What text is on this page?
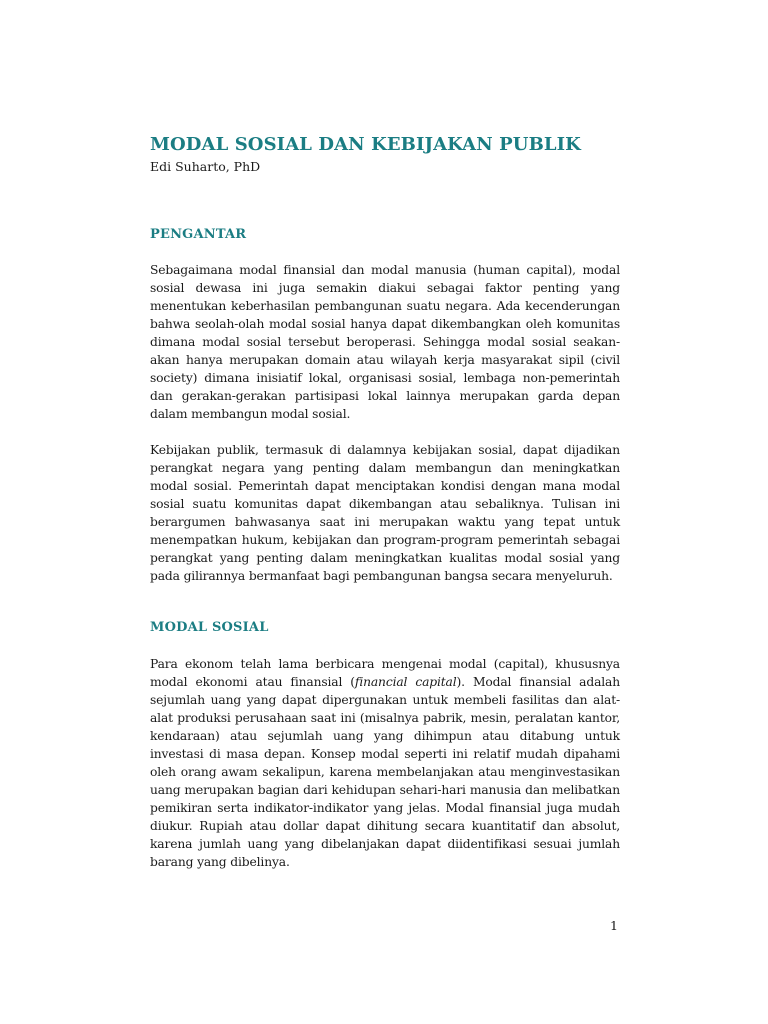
MODAL SOSIAL DAN KEBIJAKAN PUBLIK

Edi Suharto, PhD

PENGANTAR

Sebagaimana modal finansial dan modal manusia (human capital), modal sosial dewasa ini juga semakin diakui sebagai faktor penting yang menentukan keberhasilan pembangunan suatu negara. Ada kecenderungan bahwa seolah-olah modal sosial hanya dapat dikembangkan oleh komunitas dimana modal sosial tersebut beroperasi. Sehingga modal sosial seakan-akan hanya merupakan domain atau wilayah kerja masyarakat sipil (civil society) dimana inisiatif lokal, organisasi sosial, lembaga non-pemerintah dan gerakan-gerakan partisipasi lokal lainnya merupakan garda depan dalam membangun modal sosial.

Kebijakan publik, termasuk di dalamnya kebijakan sosial, dapat dijadikan perangkat negara yang penting dalam membangun dan meningkatkan modal sosial. Pemerintah dapat menciptakan kondisi dengan mana modal sosial suatu komunitas dapat dikembangan atau sebaliknya. Tulisan ini berargumen bahwasanya saat ini merupakan waktu yang tepat untuk menempatkan hukum, kebijakan dan program-program pemerintah sebagai perangkat yang penting dalam meningkatkan kualitas modal sosial yang pada gilirannya bermanfaat bagi pembangunan bangsa secara menyeluruh.

MODAL SOSIAL

Para ekonom telah lama berbicara mengenai modal (capital), khususnya modal ekonomi atau finansial (financial capital). Modal finansial adalah sejumlah uang yang dapat dipergunakan untuk membeli fasilitas dan alat-alat produksi perusahaan saat ini (misalnya pabrik, mesin, peralatan kantor, kendaraan) atau sejumlah uang yang dihimpun atau ditabung untuk investasi di masa depan. Konsep modal seperti ini relatif mudah dipahami oleh orang awam sekalipun, karena membelanjakan atau menginvestasikan uang merupakan bagian dari kehidupan sehari-hari manusia dan melibatkan pemikiran serta indikator-indikator yang jelas. Modal finansial juga mudah diukur. Rupiah atau dollar dapat dihitung secara kuantitatif dan absolut, karena jumlah uang yang dibelanjakan dapat diidentifikasi sesuai jumlah barang yang dibelinya.

1
